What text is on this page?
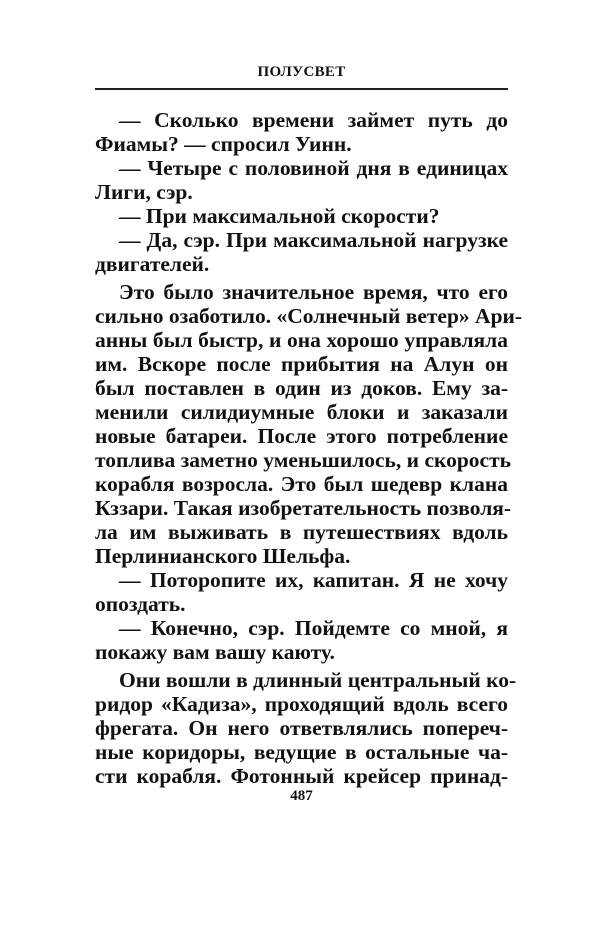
ПОЛУСВЕТ
— Сколько времени займет путь до
Фиамы? — спросил Уинн.
— Четыре с половиной дня в единицах
Лиги, сэр.
— При максимальной скорости?
— Да, сэр. При максимальной нагрузке
двигателей.
Это было значительное время, что его
сильно озаботило. «Солнечный ветер» Ари-
анны был быстр, и она хорошо управляла
им. Вскоре после прибытия на Алун он
был поставлен в один из доков. Ему за-
менили силидиумные блоки и заказали
новые батареи. После этого потребление
топлива заметно уменьшилось, и скорость
корабля возросла. Это был шедевр клана
Кззари. Такая изобретательность позволя-
ла им выживать в путешествиях вдоль
Перлинианского Шельфа.
— Поторопите их, капитан. Я не хочу
опоздать.
— Конечно, сэр. Пойдемте со мной, я
покажу вам вашу каюту.
Они вошли в длинный центральный ко-
ридор «Кадиза», проходящий вдоль всего
фрегата. Он него ответвлялись попереч-
ные коридоры, ведущие в остальные ча-
сти корабля. Фотонный крейсер принад-
487
